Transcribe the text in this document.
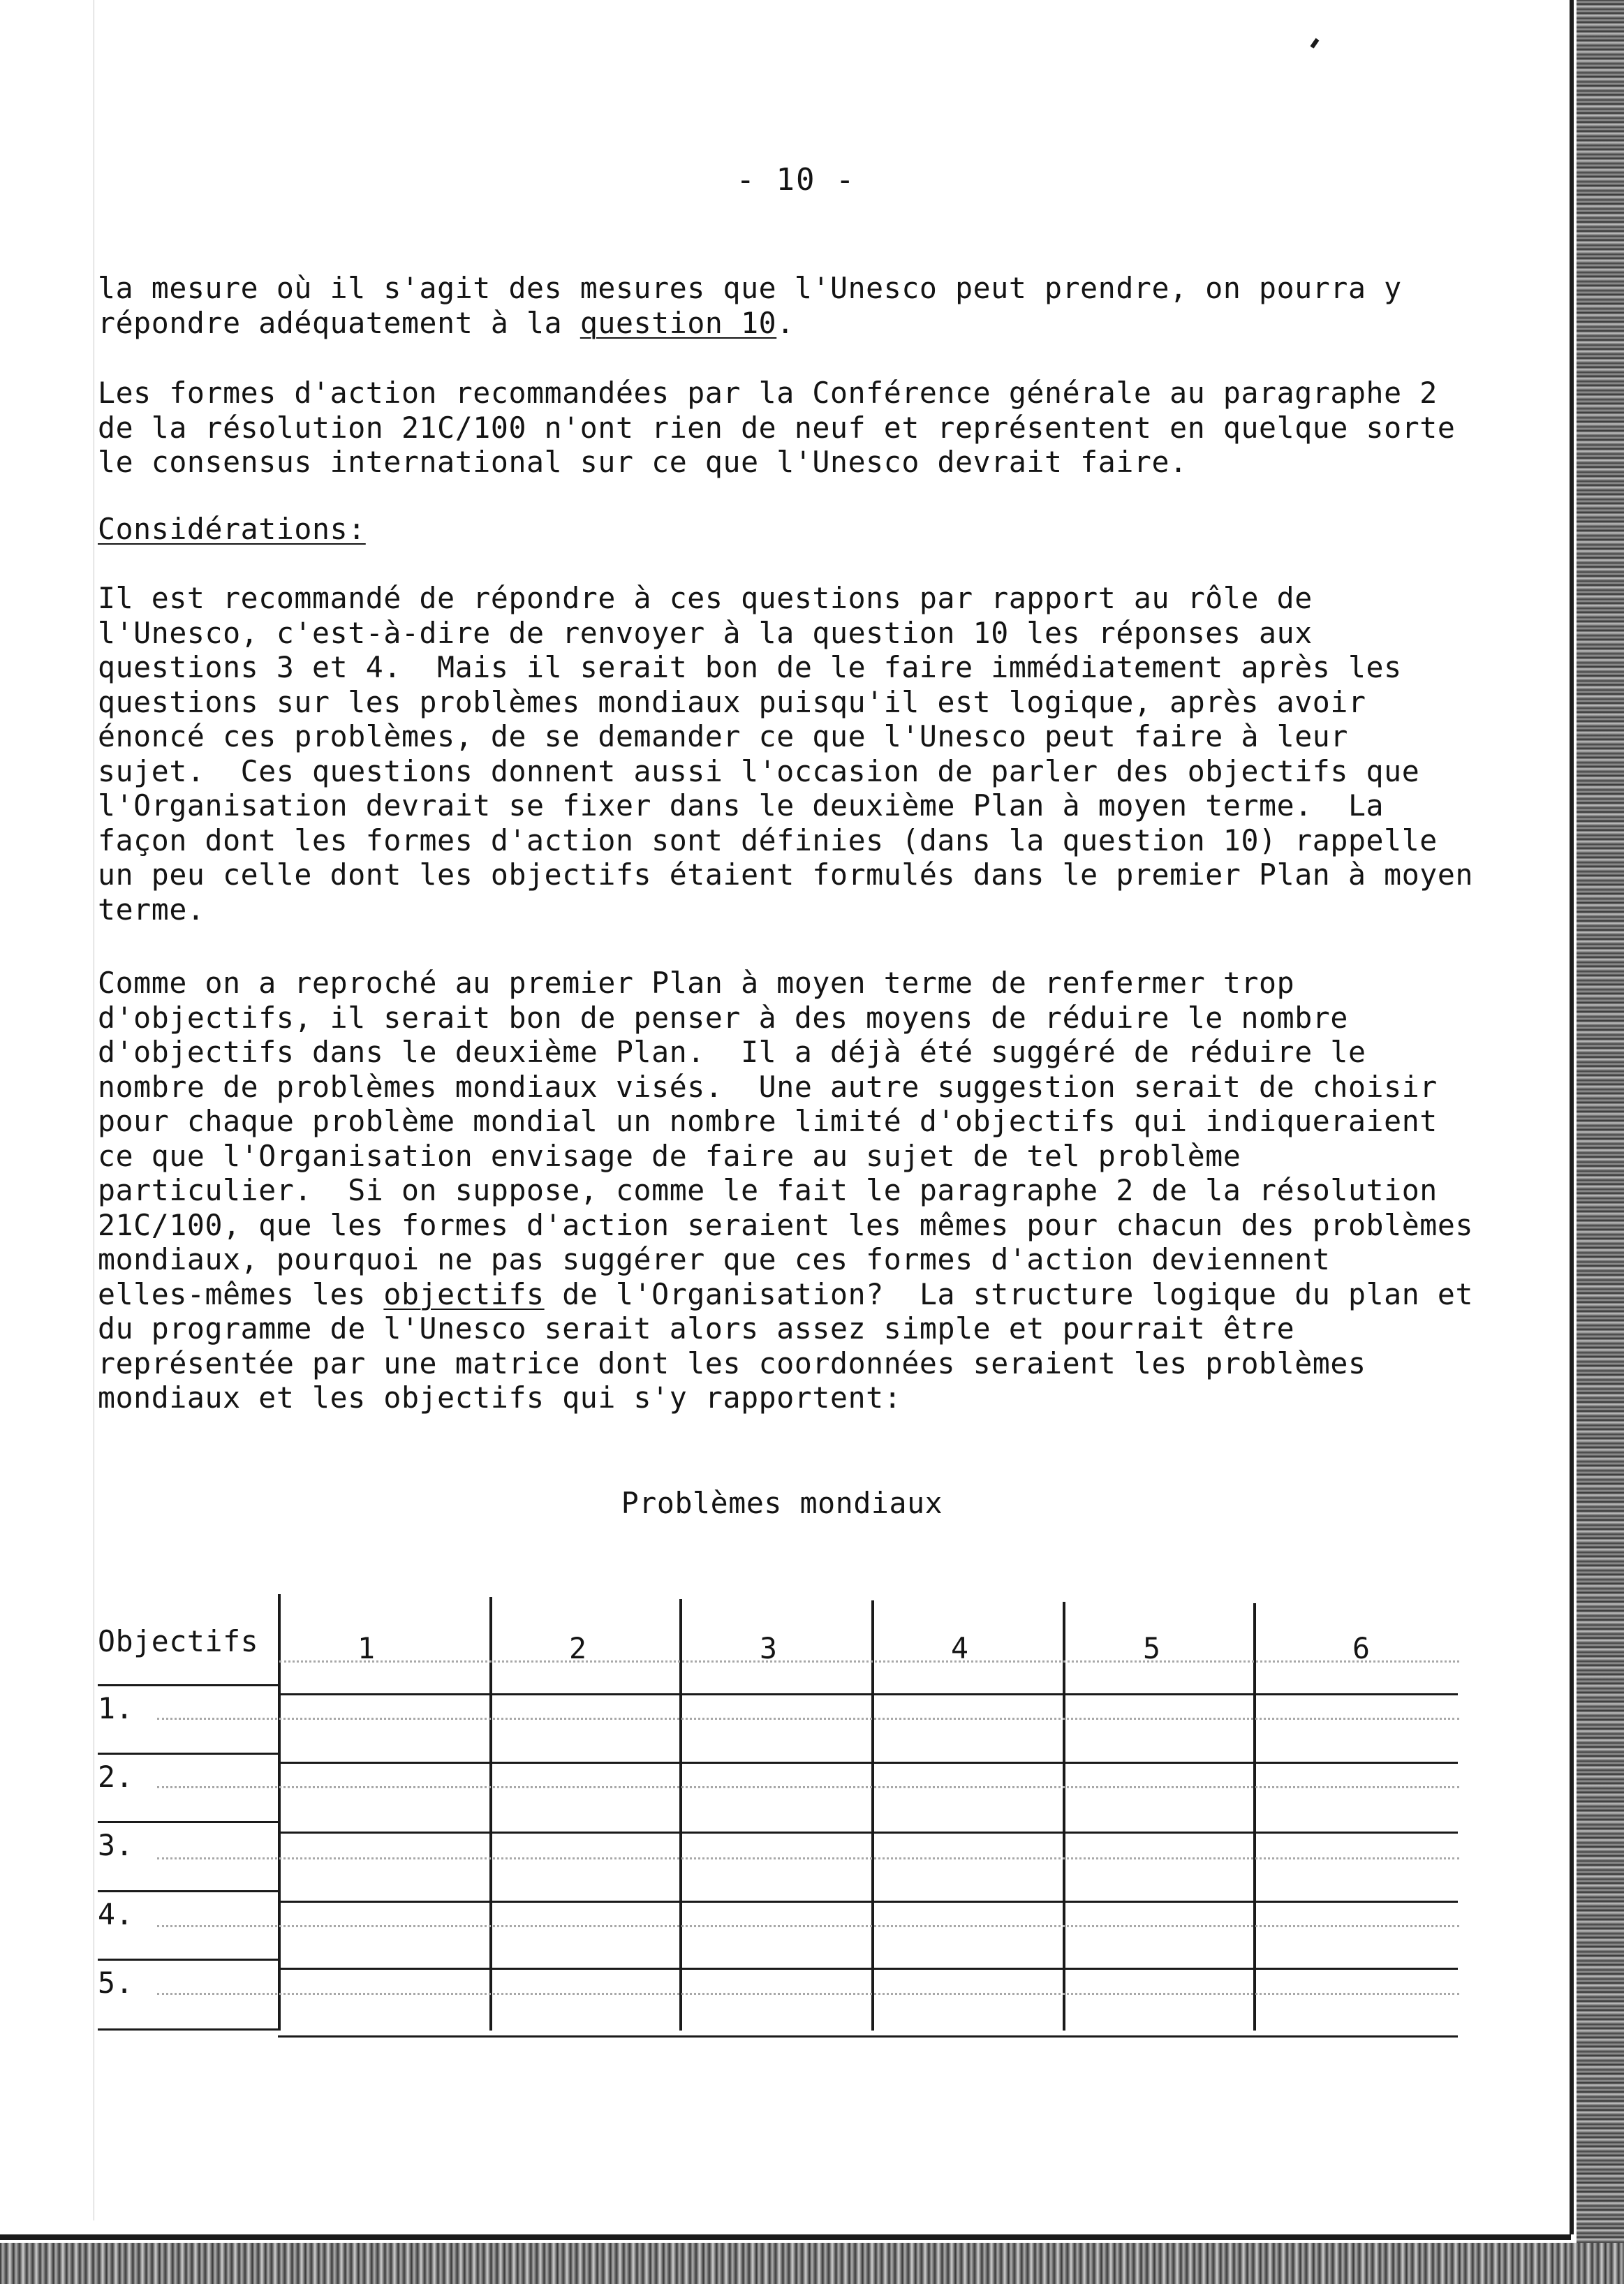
- 10 -

la mesure où il s'agit des mesures que l'Unesco peut prendre, on pourra y
répondre adéquatement à la question 10.

Les formes d'action recommandées par la Conférence générale au paragraphe 2
de la résolution 21C/100 n'ont rien de neuf et représentent en quelque sorte
le consensus international sur ce que l'Unesco devrait faire.

Considérations:

Il est recommandé de répondre à ces questions par rapport au rôle de
l'Unesco, c'est-à-dire de renvoyer à la question 10 les réponses aux
questions 3 et 4.  Mais il serait bon de le faire immédiatement après les
questions sur les problèmes mondiaux puisqu'il est logique, après avoir
énoncé ces problèmes, de se demander ce que l'Unesco peut faire à leur
sujet.  Ces questions donnent aussi l'occasion de parler des objectifs que
l'Organisation devrait se fixer dans le deuxième Plan à moyen terme.  La
façon dont les formes d'action sont définies (dans la question 10) rappelle
un peu celle dont les objectifs étaient formulés dans le premier Plan à moyen
terme.

Comme on a reproché au premier Plan à moyen terme de renfermer trop
d'objectifs, il serait bon de penser à des moyens de réduire le nombre
d'objectifs dans le deuxième Plan.  Il a déjà été suggéré de réduire le
nombre de problèmes mondiaux visés.  Une autre suggestion serait de choisir
pour chaque problème mondial un nombre limité d'objectifs qui indiqueraient
ce que l'Organisation envisage de faire au sujet de tel problème
particulier.  Si on suppose, comme le fait le paragraphe 2 de la résolution
21C/100, que les formes d'action seraient les mêmes pour chacun des problèmes
mondiaux, pourquoi ne pas suggérer que ces formes d'action deviennent
elles-mêmes les objectifs de l'Organisation?  La structure logique du plan et
du programme de l'Unesco serait alors assez simple et pourrait être
représentée par une matrice dont les coordonnées seraient les problèmes
mondiaux et les objectifs qui s'y rapportent:

Problèmes mondiaux
Objectifs	1	2	3	4	5	6
1.
2.
3.
4.
5.
